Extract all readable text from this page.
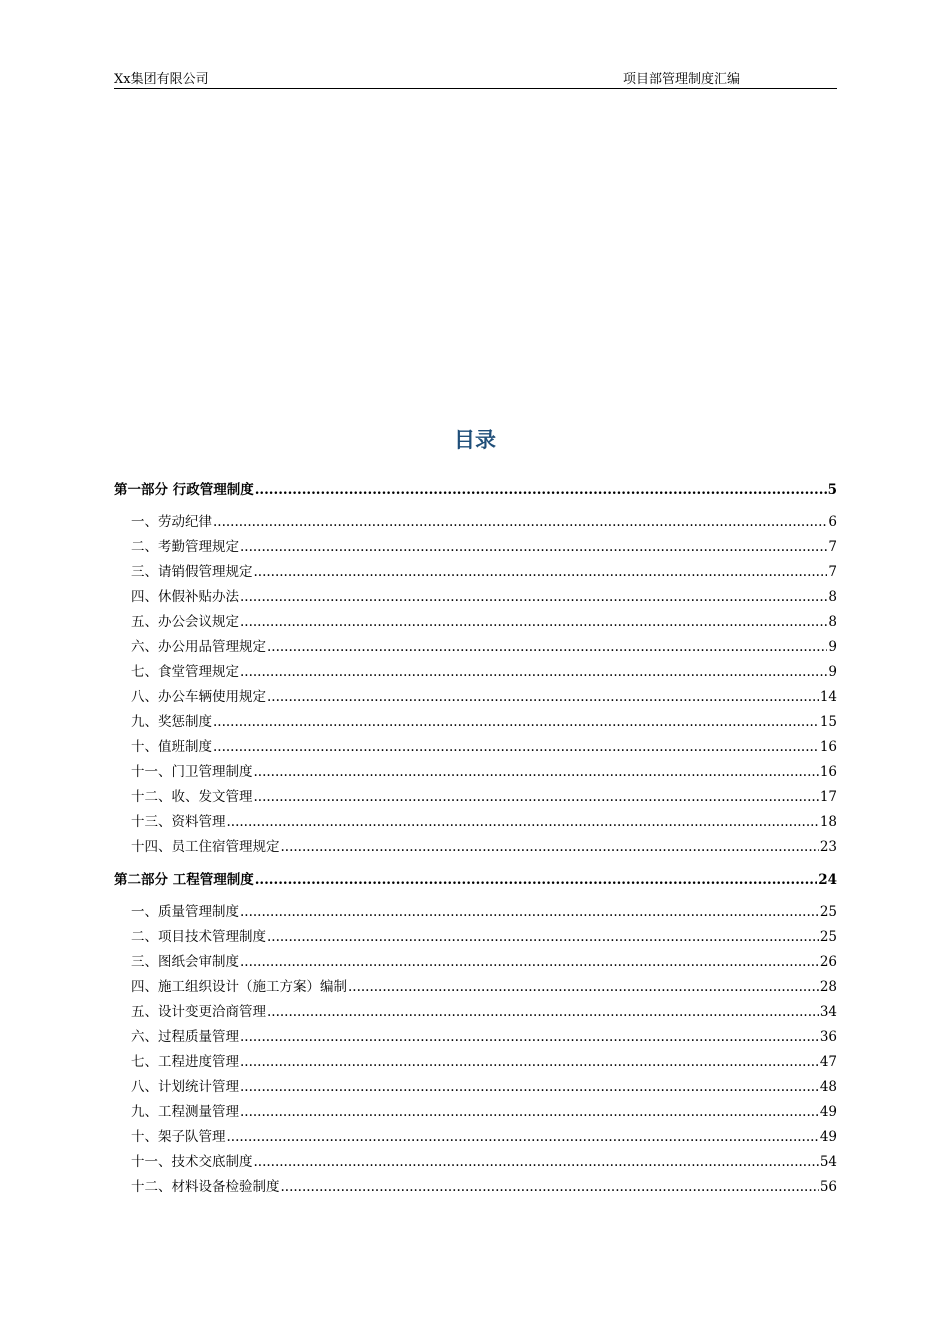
Xx集团有限公司	项目部管理制度汇编
目录
第一部分 行政管理制度 .....	5
一、劳动纪律 .....	6
二、考勤管理规定 .....	7
三、请销假管理规定 .....	7
四、休假补贴办法 .....	8
五、办公会议规定 .....	8
六、办公用品管理规定 .....	9
七、食堂管理规定 .....	9
八、办公车辆使用规定 .....	14
九、奖惩制度 .....	15
十、值班制度 .....	16
十一、门卫管理制度 .....	16
十二、收、发文管理 .....	17
十三、资料管理 .....	18
十四、员工住宿管理规定 .....	23
第二部分 工程管理制度 .....	24
一、质量管理制度 .....	25
二、项目技术管理制度 .....	25
三、图纸会审制度 .....	26
四、施工组织设计（施工方案）编制 .....	28
五、设计变更洽商管理 .....	34
六、过程质量管理 .....	36
七、工程进度管理 .....	47
八、计划统计管理 .....	48
九、工程测量管理 .....	49
十、架子队管理 .....	49
十一、技术交底制度 .....	54
十二、材料设备检验制度 .....	56
